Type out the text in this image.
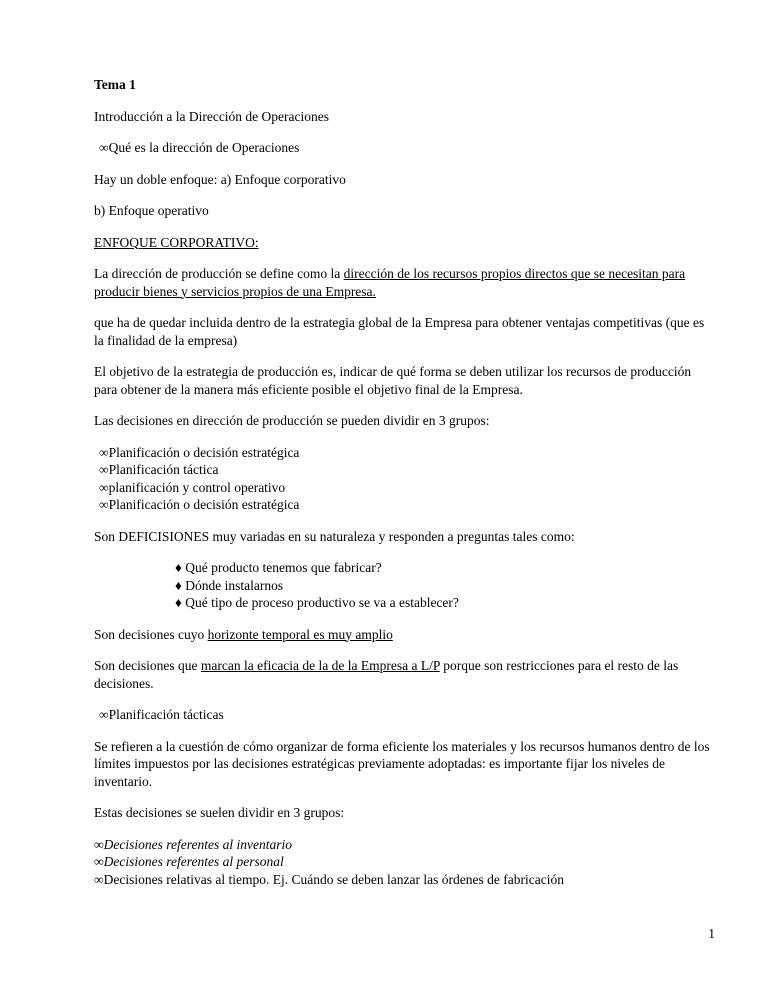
Tema 1

Introducción a la Dirección de Operaciones

∞Qué es la dirección de Operaciones

Hay un doble enfoque: a) Enfoque corporativo

b) Enfoque operativo

ENFOQUE CORPORATIVO:

La dirección de producción se define como la dirección de los recursos propios directos que se necesitan para producir bienes y servicios propios de una Empresa.

que ha de quedar incluida dentro de la estrategia global de la Empresa para obtener ventajas competitivas (que es la finalidad de la empresa)

El objetivo de la estrategia de producción es, indicar de qué forma se deben utilizar los recursos de producción para obtener de la manera más eficiente posible el objetivo final de la Empresa.

Las decisiones en dirección de producción se pueden dividir en 3 grupos:

∞Planificación o decisión estratégica
∞Planificación táctica
∞planificación y control operativo
∞Planificación o decisión estratégica

Son DEFICISIONES muy variadas en su naturaleza y responden a preguntas tales como:

♦ Qué producto tenemos que fabricar?
♦ Dónde instalarnos
♦ Qué tipo de proceso productivo se va a establecer?

Son decisiones cuyo horizonte temporal es muy amplio

Son decisiones que marcan la eficacia de la de la Empresa a L/P porque son restricciones para el resto de las decisiones.

∞Planificación tácticas

Se refieren a la cuestión de cómo organizar de forma eficiente los materiales y los recursos humanos dentro de los límites impuestos por las decisiones estratégicas previamente adoptadas: es importante fijar los niveles de inventario.

Estas decisiones se suelen dividir en 3 grupos:

∞Decisiones referentes al inventario
∞Decisiones referentes al personal
∞Decisiones relativas al tiempo. Ej. Cuándo se deben lanzar las órdenes de fabricación
1
